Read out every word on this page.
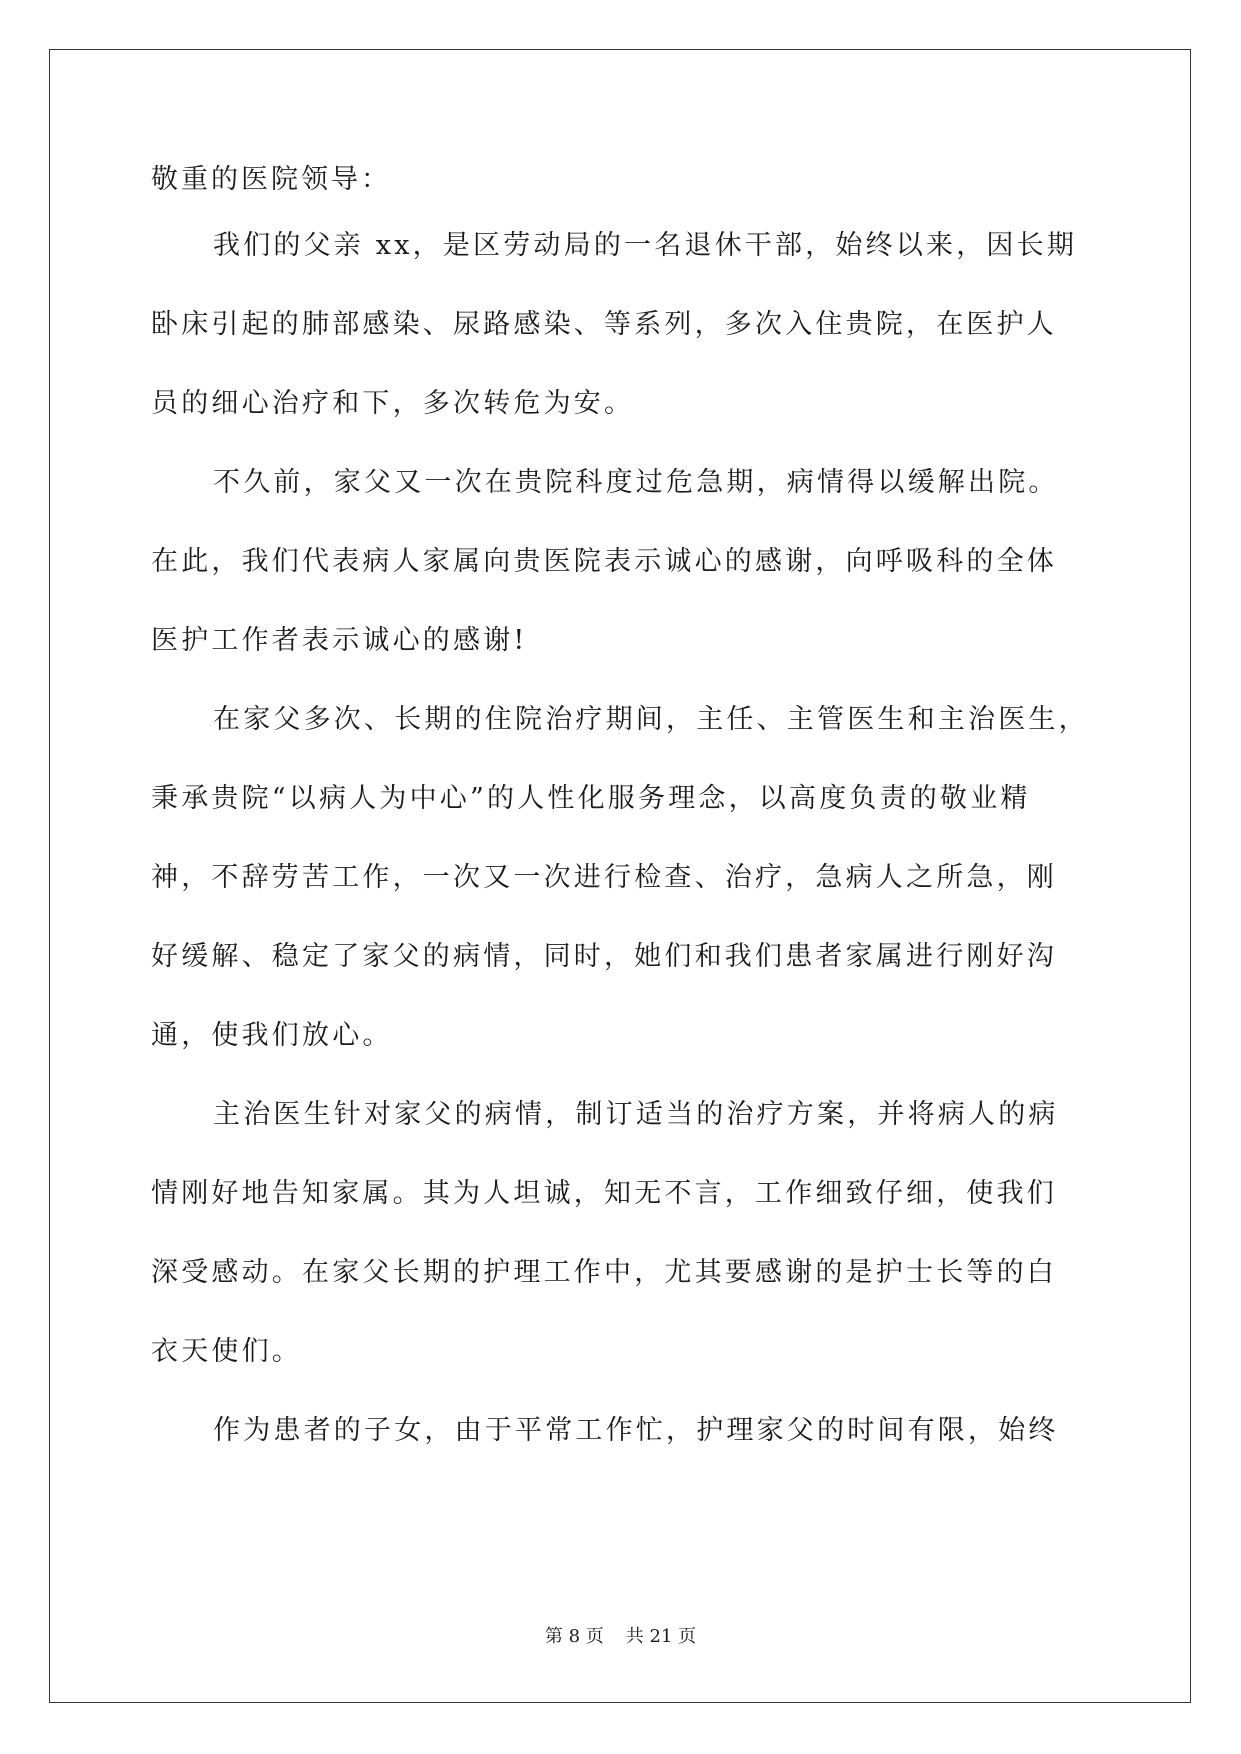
敬重的医院领导：
我们的父亲 xx，是区劳动局的一名退休干部，始终以来，因长期
卧床引起的肺部感染、尿路感染、等系列，多次入住贵院，在医护人
员的细心治疗和下，多次转危为安。
不久前，家父又一次在贵院科度过危急期，病情得以缓解出院。
在此，我们代表病人家属向贵医院表示诚心的感谢，向呼吸科的全体
医护工作者表示诚心的感谢!
在家父多次、长期的住院治疗期间，主任、主管医生和主治医生，
秉承贵院“以病人为中心”的人性化服务理念，以高度负责的敬业精
神，不辞劳苦工作，一次又一次进行检查、治疗，急病人之所急，刚
好缓解、稳定了家父的病情，同时，她们和我们患者家属进行刚好沟
通，使我们放心。
主治医生针对家父的病情，制订适当的治疗方案，并将病人的病
情刚好地告知家属。其为人坦诚，知无不言，工作细致仔细，使我们
深受感动。在家父长期的护理工作中，尤其要感谢的是护士长等的白
衣天使们。
作为患者的子女，由于平常工作忙，护理家父的时间有限，始终
第 8 页 共 21 页
